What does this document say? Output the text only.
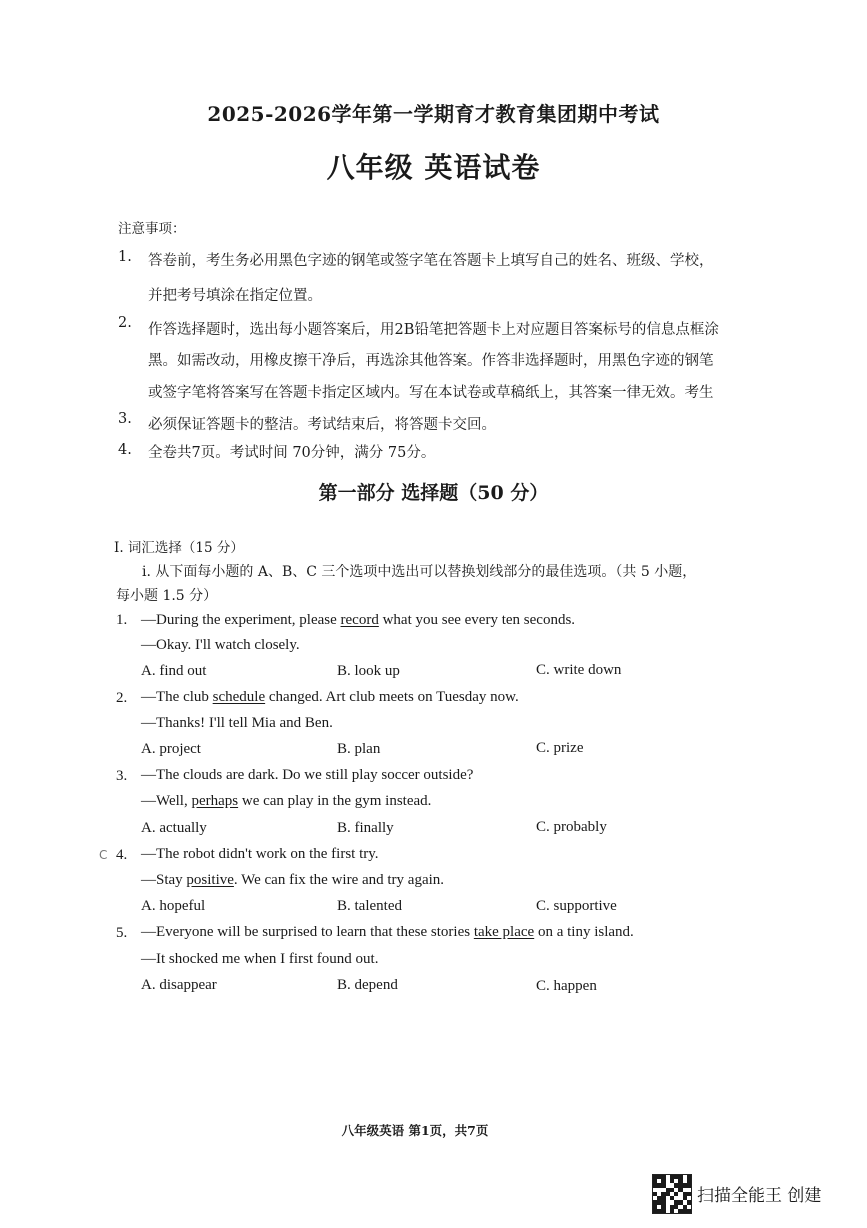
2025-2026学年第一学期育才教育集团期中考试
八年级 英语试卷
注意事项：
1. 答卷前，考生务必用黑色字迹的钢笔或签字笔在答题卡上填写自己的姓名、班级、学校，
并把考号填涂在指定位置。
2. 作答选择题时，选出每小题答案后，用2B铅笔把答题卡上对应题目答案标号的信息点框涂
黑。如需改动，用橡皮擦干净后，再选涂其他答案。作答非选择题时，用黑色字迹的钢笔
或签字笔将答案写在答题卡指定区域内。写在本试卷或草稿纸上，其答案一律无效。考生
3. 必须保证答题卡的整洁。考试结束后，将答题卡交回。
4. 全卷共7页。考试时间 70分钟，满分 75分。
第一部分 选择题（50 分）
I. 词汇选择（15 分）
i. 从下面每小题的 A、B、C 三个选项中选出可以替换划线部分的最佳选项。（共 5 小题，
每小题 1.5 分）
C
1. —During the experiment, please record what you see every ten seconds.
—Okay. I'll watch closely.
A. find out	B. look up	C. write down
2. —The club schedule changed. Art club meets on Tuesday now.
—Thanks! I'll tell Mia and Ben.
A. project	B. plan	C. prize
3. —The clouds are dark. Do we still play soccer outside?
—Well, perhaps we can play in the gym instead.
A. actually	B. finally	C. probably
4. —The robot didn't work on the first try.
—Stay positive. We can fix the wire and try again.
A. hopeful	B. talented	C. supportive
5. —Everyone will be surprised to learn that these stories take place on a tiny island.
—It shocked me when I first found out.
A. disappear	B. depend	C. happen
八年级英语 第1页，共7页
扫描全能王 创建
